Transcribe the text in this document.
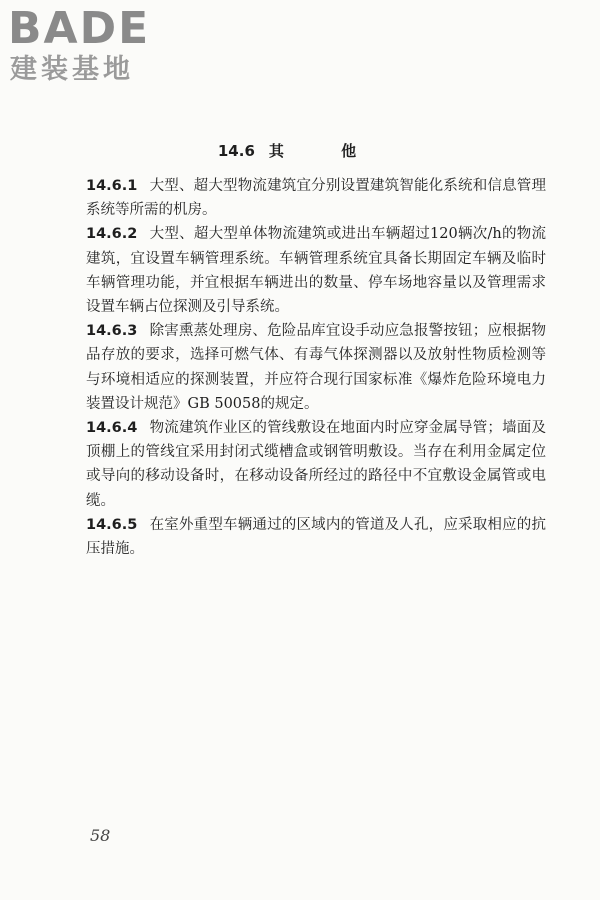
BADE
建装基地
14.6 其 他

14.6.1 大型、超大型物流建筑宜分别设置建筑智能化系统和信息管理系统等所需的机房。

14.6.2 大型、超大型单体物流建筑或进出车辆超过120辆次/h的物流建筑，宜设置车辆管理系统。车辆管理系统宜具备长期固定车辆及临时车辆管理功能，并宜根据车辆进出的数量、停车场地容量以及管理需求设置车辆占位探测及引导系统。

14.6.3 除害熏蒸处理房、危险品库宜设手动应急报警按钮；应根据物品存放的要求，选择可燃气体、有毒气体探测器以及放射性物质检测等与环境相适应的探测装置，并应符合现行国家标准《爆炸危险环境电力装置设计规范》GB 50058的规定。

14.6.4 物流建筑作业区的管线敷设在地面内时应穿金属导管；墙面及顶棚上的管线宜采用封闭式缆槽盒或钢管明敷设。当存在利用金属定位或导向的移动设备时，在移动设备所经过的路径中不宜敷设金属管或电缆。

14.6.5 在室外重型车辆通过的区域内的管道及人孔，应采取相应的抗压措施。

58
